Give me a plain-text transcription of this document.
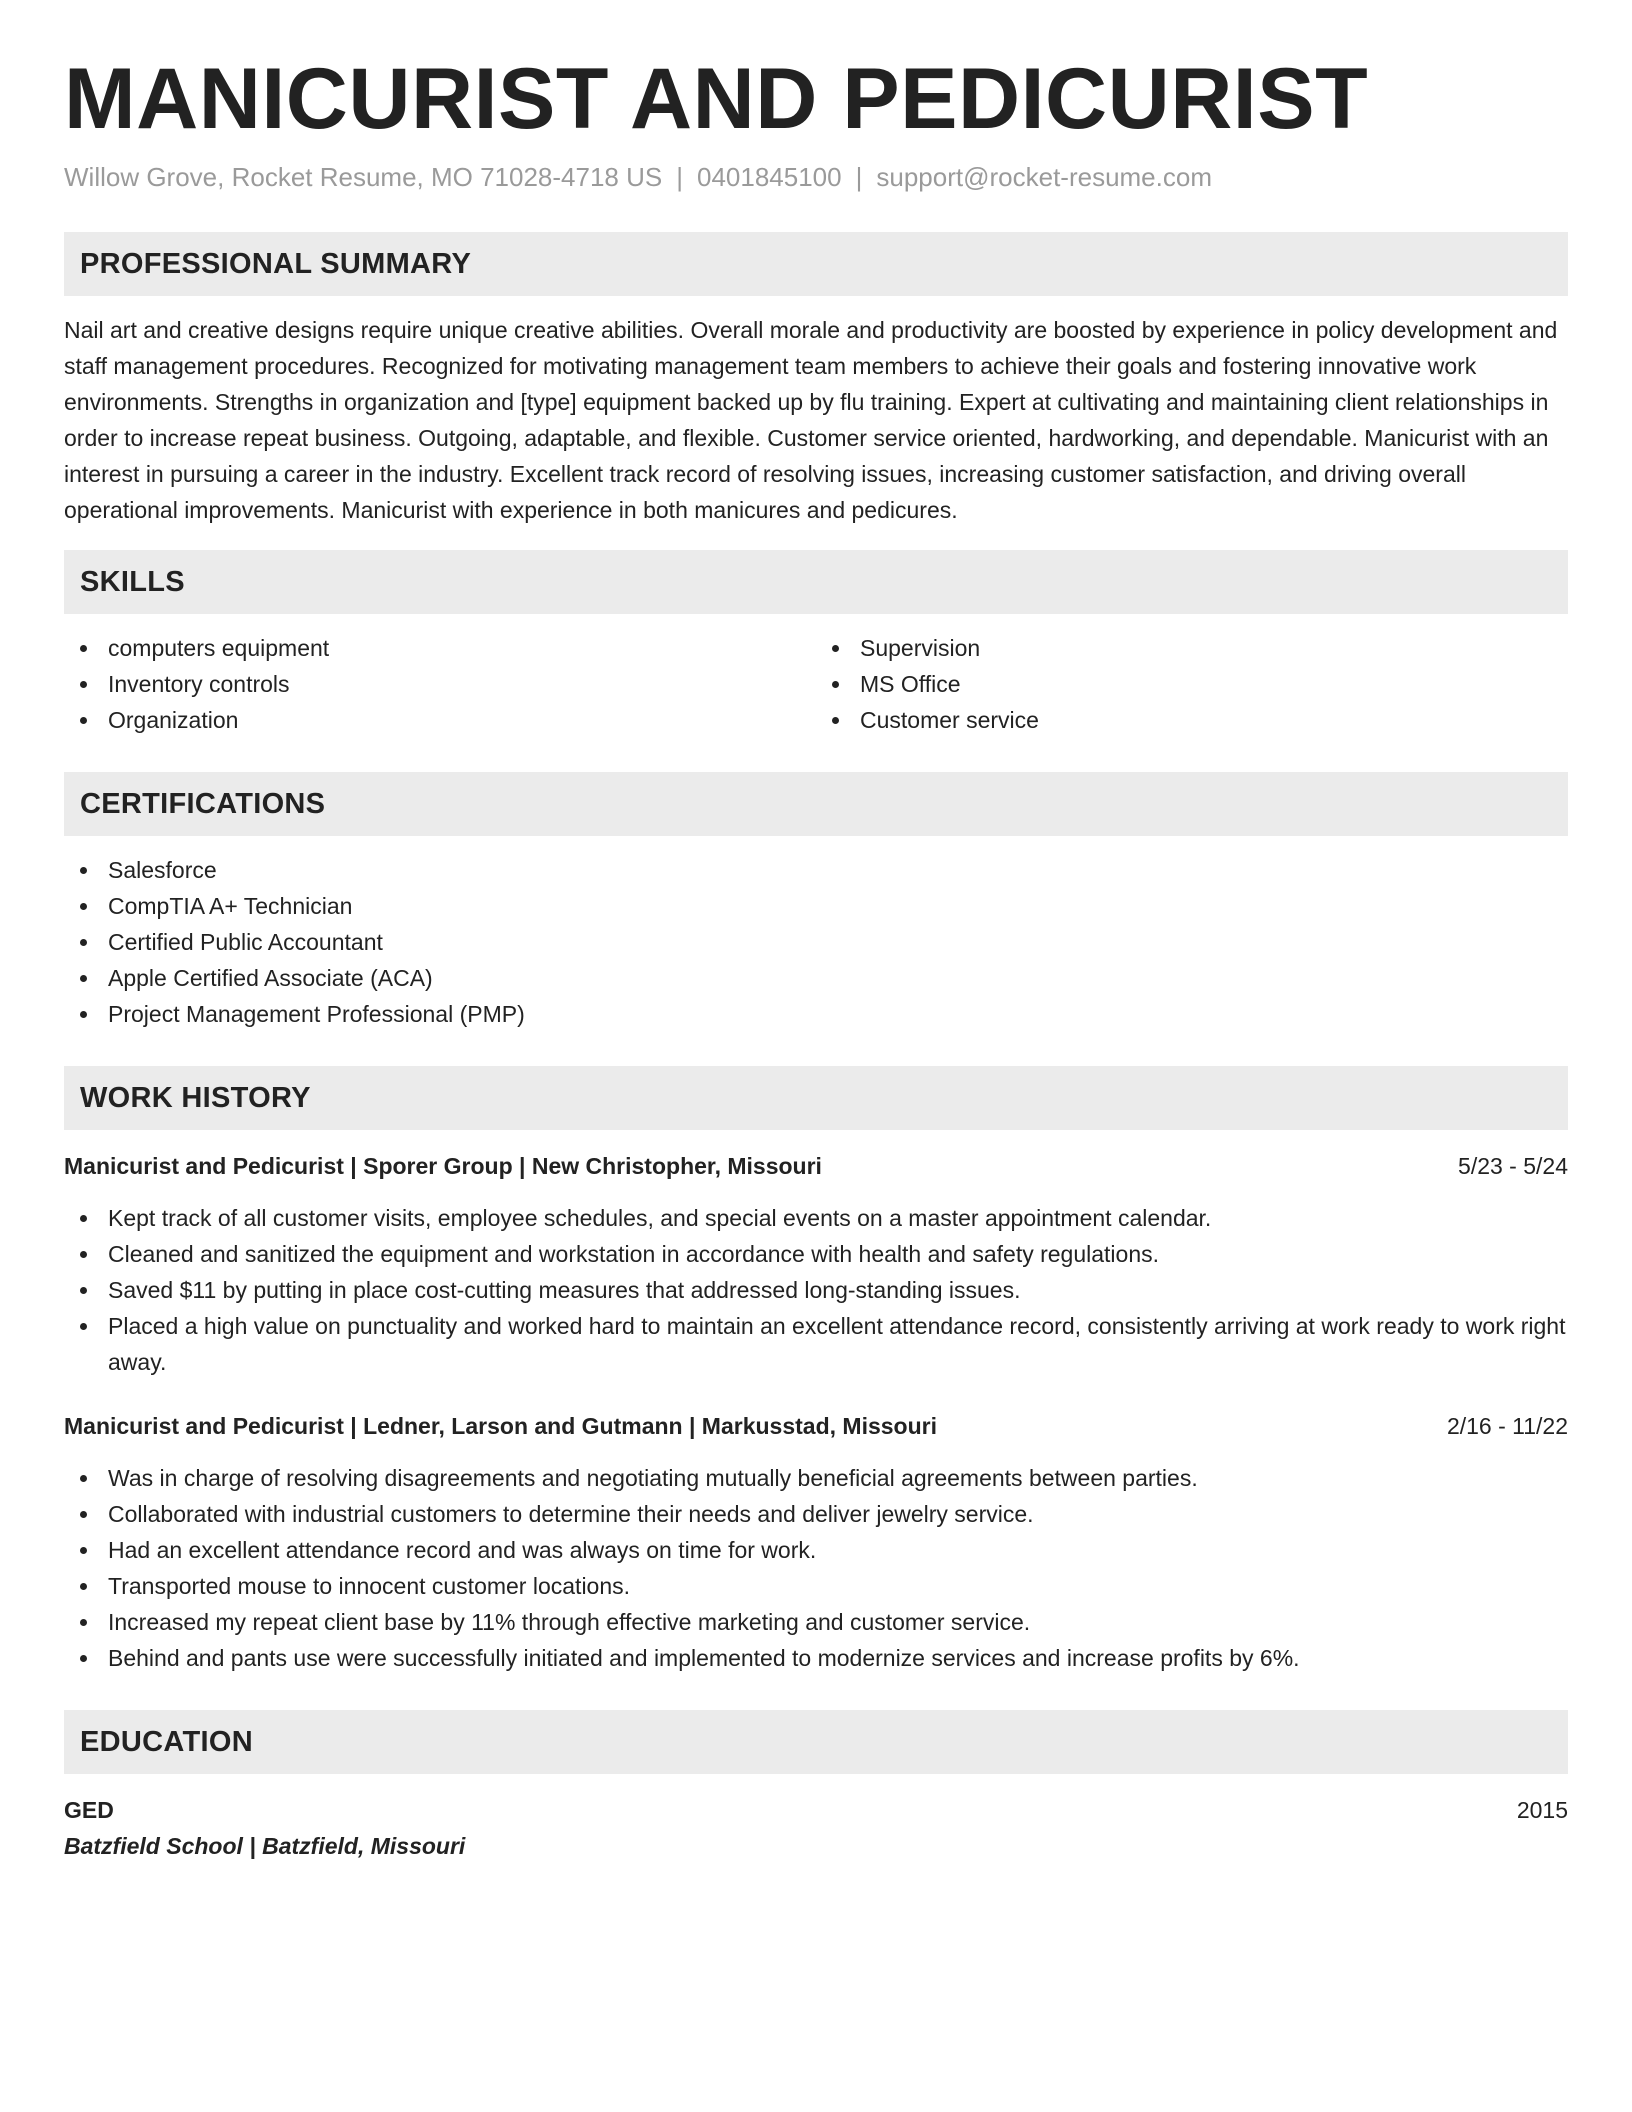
MANICURIST AND PEDICURIST
Willow Grove, Rocket Resume, MO 71028-4718 US | 0401845100 | support@rocket-resume.com
PROFESSIONAL SUMMARY

Nail art and creative designs require unique creative abilities. Overall morale and productivity are boosted by experience in policy development and staff management procedures. Recognized for motivating management team members to achieve their goals and fostering innovative work environments. Strengths in organization and [type] equipment backed up by flu training. Expert at cultivating and maintaining client relationships in order to increase repeat business. Outgoing, adaptable, and flexible. Customer service oriented, hardworking, and dependable. Manicurist with an interest in pursuing a career in the industry. Excellent track record of resolving issues, increasing customer satisfaction, and driving overall operational improvements. Manicurist with experience in both manicures and pedicures.

SKILLS
computers equipment
Inventory controls
Organization
Supervision
MS Office
Customer service
CERTIFICATIONS
Salesforce
CompTIA A+ Technician
Certified Public Accountant
Apple Certified Associate (ACA)
Project Management Professional (PMP)
WORK HISTORY
Manicurist and Pedicurist | Sporer Group | New Christopher, Missouri	5/23 - 5/24
Kept track of all customer visits, employee schedules, and special events on a master appointment calendar.
Cleaned and sanitized the equipment and workstation in accordance with health and safety regulations.
Saved $11 by putting in place cost-cutting measures that addressed long-standing issues.
Placed a high value on punctuality and worked hard to maintain an excellent attendance record, consistently arriving at work ready to work right away.
Manicurist and Pedicurist | Ledner, Larson and Gutmann | Markusstad, Missouri	2/16 - 11/22
Was in charge of resolving disagreements and negotiating mutually beneficial agreements between parties.
Collaborated with industrial customers to determine their needs and deliver jewelry service.
Had an excellent attendance record and was always on time for work.
Transported mouse to innocent customer locations.
Increased my repeat client base by 11% through effective marketing and customer service.
Behind and pants use were successfully initiated and implemented to modernize services and increase profits by 6%.
EDUCATION
GED	2015
Batzfield School | Batzfield, Missouri
